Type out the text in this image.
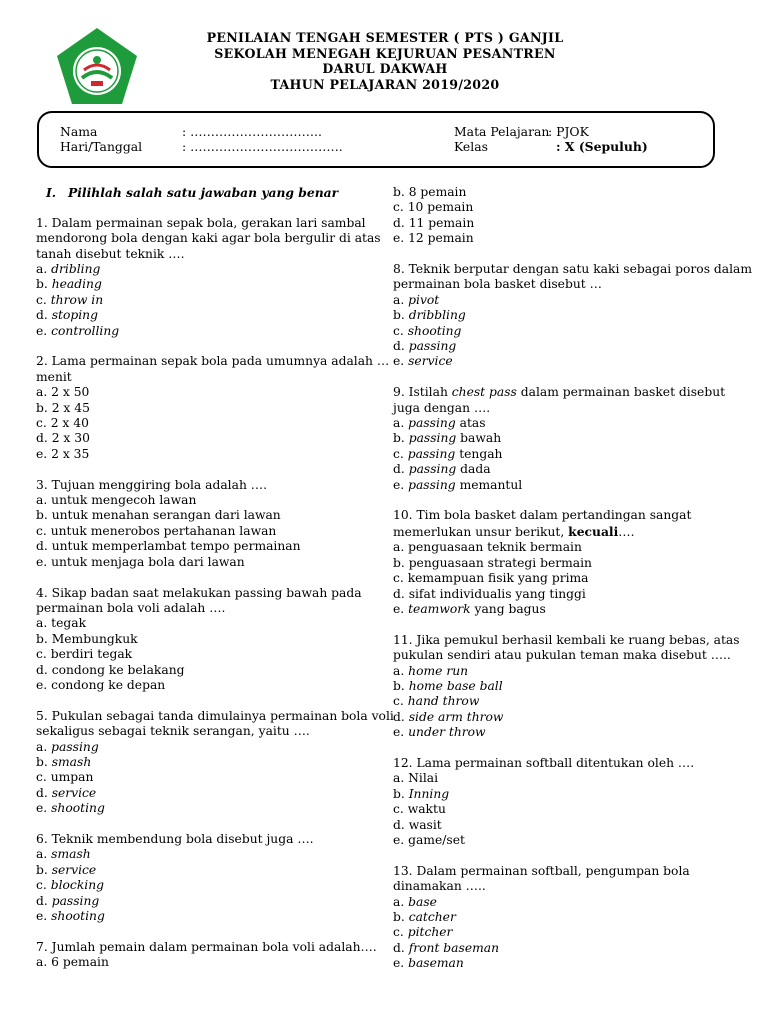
PENILAIAN TENGAH SEMESTER ( PTS ) GANJIL
SEKOLAH MENEGAH KEJURUAN PESANTREN
DARUL DAKWAH
TAHUN PELAJARAN 2019/2020
Nama	: …………………………..
Hari/Tanggal	: ……………………………….
Mata Pelajaran
: PJOK
Kelas	: X (Sepuluh)
I. Pilihlah salah satu jawaban yang benar
1. Dalam permainan sepak bola, gerakan lari sambal mendorong bola dengan kaki agar bola bergulir di atas tanah disebut teknik ….
a. dribling
b. heading
c. throw in
d. stoping
e. controlling
2. Lama permainan sepak bola pada umumnya adalah … menit
a. 2 x 50
b. 2 x 45
c. 2 x 40
d. 2 x 30
e. 2 x 35
3. Tujuan menggiring bola adalah ….
a. untuk mengecoh lawan
b. untuk menahan serangan dari lawan
c. untuk menerobos pertahanan lawan
d. untuk memperlambat tempo permainan
e. untuk menjaga bola dari lawan
4. Sikap badan saat melakukan passing bawah pada permainan bola voli adalah ….
a. tegak
b. Membungkuk
c. berdiri tegak
d. condong ke belakang
e. condong ke depan
5. Pukulan sebagai tanda dimulainya permainan bola voli sekaligus sebagai teknik serangan, yaitu ….
a. passing
b. smash
c. umpan
d. service
e. shooting
6. Teknik membendung bola disebut juga ….
a. smash
b. service
c. blocking
d. passing
e. shooting
7. Jumlah pemain dalam permainan bola voli adalah….
a. 6 pemain
b. 8 pemain
c. 10 pemain
d. 11 pemain
e. 12 pemain
8. Teknik berputar dengan satu kaki sebagai poros dalam permainan bola basket disebut …
a. pivot
b. dribbling
c. shooting
d. passing
e. service
9. Istilah chest pass dalam permainan basket disebut juga dengan ….
a. passing atas
b. passing bawah
c. passing tengah
d. passing dada
e. passing memantul
10. Tim bola basket dalam pertandingan sangat memerlukan unsur berikut, kecuali….
a. penguasaan teknik bermain
b. penguasaan strategi bermain
c. kemampuan fisik yang prima
d. sifat individualis yang tinggi
e. teamwork yang bagus
11. Jika pemukul berhasil kembali ke ruang bebas, atas pukulan sendiri atau pukulan teman maka disebut …..
a. home run
b. home base ball
c. hand throw
d. side arm throw
e. under throw
12. Lama permainan softball ditentukan oleh ….
a. Nilai
b. Inning
c. waktu
d. wasit
e. game/set
13. Dalam permainan softball, pengumpan bola dinamakan …..
a. base
b. catcher
c. pitcher
d. front baseman
e. baseman
